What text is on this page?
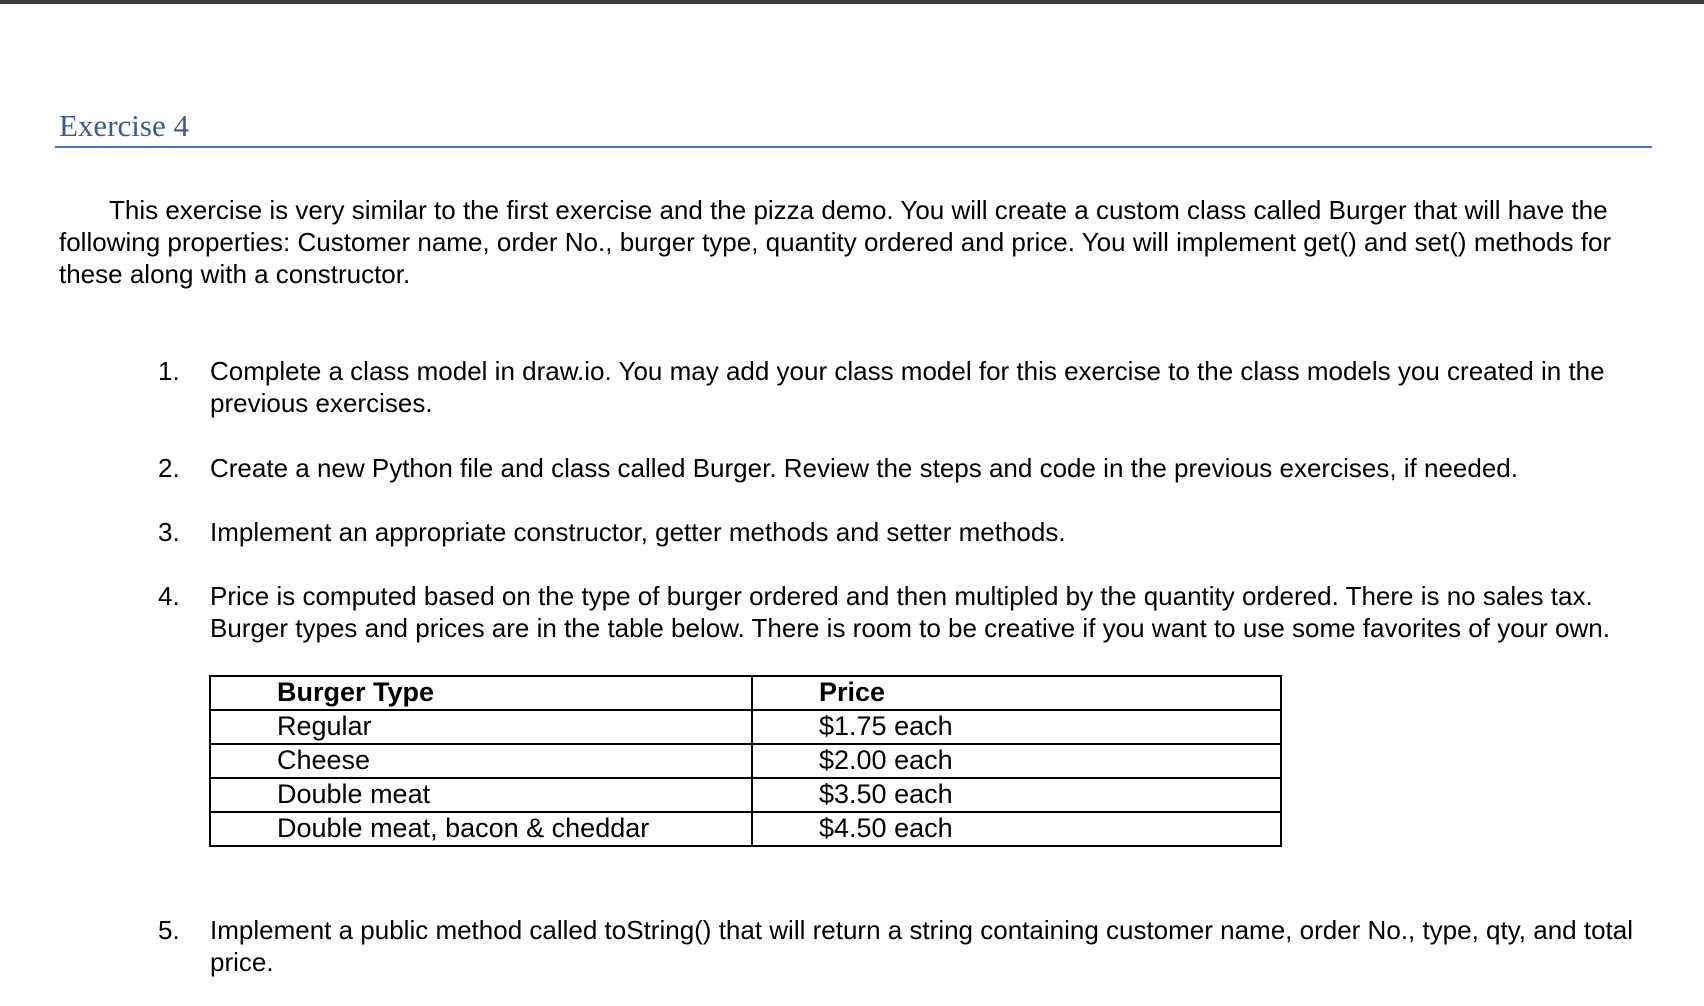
Exercise 4

This exercise is very similar to the first exercise and the pizza demo. You will create a custom class called Burger that will have the following properties: Customer name, order No., burger type, quantity ordered and price. You will implement get() and set() methods for these along with a constructor.

1.	Complete a class model in draw.io. You may add your class model for this exercise to the class models you created in the previous exercises.

2.	Create a new Python file and class called Burger. Review the steps and code in the previous exercises, if needed.

3.	Implement an appropriate constructor, getter methods and setter methods.

4.	Price is computed based on the type of burger ordered and then multipled by the quantity ordered. There is no sales tax. Burger types and prices are in the table below. There is room to be creative if you want to use some favorites of your own.

5.	Implement a public method called toString() that will return a string containing customer name, order No., type, qty, and total price.

Burger Type	Price
Regular	$1.75 each
Cheese	$2.00 each
Double meat	$3.50 each
Double meat, bacon & cheddar	$4.50 each
